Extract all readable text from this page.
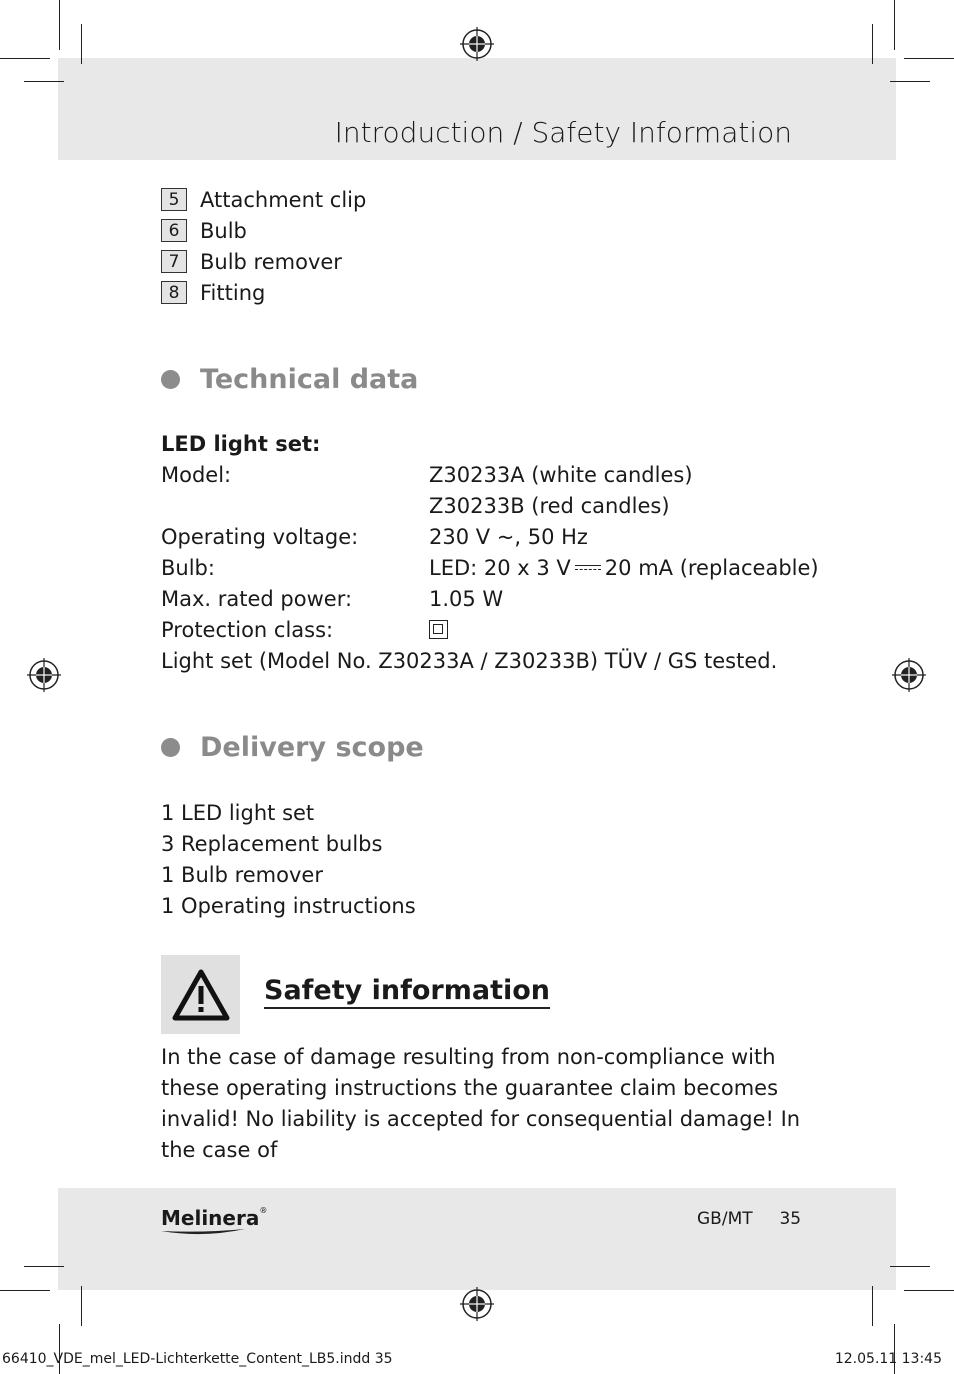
Introduction / Safety Information
5 Attachment clip
6 Bulb
7 Bulb remover
8 Fitting
Technical data
LED light set:
Model:	Z30233A (white candles)
Z30233B (red candles)
Operating voltage:	230 V ~, 50 Hz
Bulb:	LED: 20 x 3 V 20 mA (replaceable)
Max. rated power:	1.05 W
Protection class:
Light set (Model No. Z30233A / Z30233B) TÜV / GS tested.
Delivery scope
1 LED light set
3 Replacement bulbs
1 Bulb remover
1 Operating instructions
Safety information
In the case of damage resulting from non-compliance with these operating instructions the guarantee claim becomes invalid! No liability is accepted for consequential damage! In the case of
Melinera®	GB/MT 35
66410_VDE_mel_LED-Lichterkette_Content_LB5.indd 35	12.05.11 13:45
